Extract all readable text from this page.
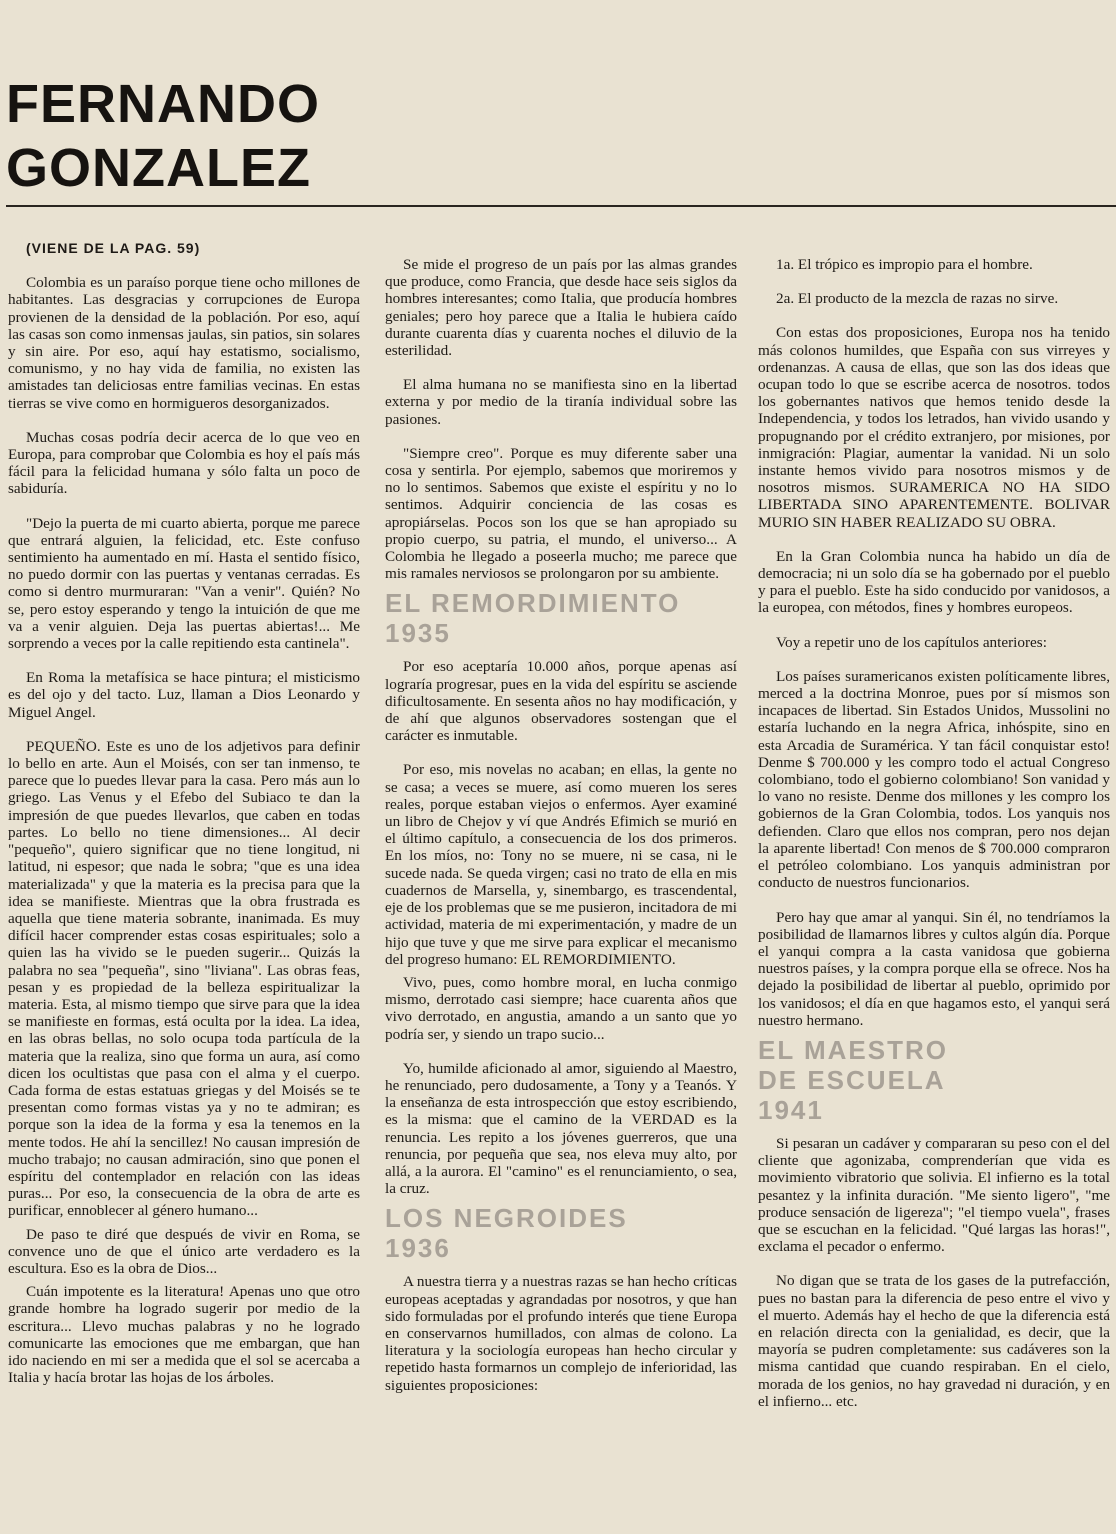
FERNANDO
GONZALEZ

(VIENE DE LA PAG. 59)

Colombia es un paraíso porque tiene ocho millones de habitantes. Las desgracias y corrupciones de Europa provienen de la densidad de la población. Por eso, aquí las casas son como inmensas jaulas, sin patios, sin solares y sin aire. Por eso, aquí hay estatismo, socialismo, comunismo, y no hay vida de familia, no existen las amistades tan deliciosas entre familias vecinas. En estas tierras se vive como en hormigueros desorganizados.

Muchas cosas podría decir acerca de lo que veo en Europa, para comprobar que Colombia es hoy el país más fácil para la felicidad humana y sólo falta un poco de sabiduría.

"Dejo la puerta de mi cuarto abierta, porque me parece que entrará alguien, la felicidad, etc. Este confuso sentimiento ha aumentado en mí. Hasta el sentido físico, no puedo dormir con las puertas y ventanas cerradas. Es como si dentro murmuraran: "Van a venir". Quién? No se, pero estoy esperando y tengo la intuición de que me va a venir alguien. Deja las puertas abiertas!... Me sorprendo a veces por la calle repitiendo esta cantinela".

En Roma la metafísica se hace pintura; el misticismo es del ojo y del tacto. Luz, llaman a Dios Leonardo y Miguel Angel.

PEQUEÑO. Este es uno de los adjetivos para definir lo bello en arte. Aun el Moisés, con ser tan inmenso, te parece que lo puedes llevar para la casa. Pero más aun lo griego. Las Venus y el Efebo del Subiaco te dan la impresión de que puedes llevarlos, que caben en todas partes. Lo bello no tiene dimensiones... Al decir "pequeño", quiero significar que no tiene longitud, ni latitud, ni espesor; que nada le sobra; "que es una idea materializada" y que la materia es la precisa para que la idea se manifieste. Mientras que la obra frustrada es aquella que tiene materia sobrante, inanimada. Es muy difícil hacer comprender estas cosas espirituales; solo a quien las ha vivido se le pueden sugerir... Quizás la palabra no sea "pequeña", sino "liviana". Las obras feas, pesan y es propiedad de la belleza espiritualizar la materia. Esta, al mismo tiempo que sirve para que la idea se manifieste en formas, está oculta por la idea. La idea, en las obras bellas, no solo ocupa toda partícula de la materia que la realiza, sino que forma un aura, así como dicen los ocultistas que pasa con el alma y el cuerpo. Cada forma de estas estatuas griegas y del Moisés se te presentan como formas vistas ya y no te admiran; es porque son la idea de la forma y esa la tenemos en la mente todos. He ahí la sencillez! No causan impresión de mucho trabajo; no causan admiración, sino que ponen el espíritu del contemplador en relación con las ideas puras... Por eso, la consecuencia de la obra de arte es purificar, ennoblecer al género humano...

De paso te diré que después de vivir en Roma, se convence uno de que el único arte verdadero es la escultura. Eso es la obra de Dios...

Cuán impotente es la literatura! Apenas uno que otro grande hombre ha logrado sugerir por medio de la escritura... Llevo muchas palabras y no he logrado comunicarte las emociones que me embargan, que han ido naciendo en mi ser a medida que el sol se acercaba a Italia y hacía brotar las hojas de los árboles.

Se mide el progreso de un país por las almas grandes que produce, como Francia, que desde hace seis siglos da hombres interesantes; como Italia, que producía hombres geniales; pero hoy parece que a Italia le hubiera caído durante cuarenta días y cuarenta noches el diluvio de la esterilidad.

El alma humana no se manifiesta sino en la libertad externa y por medio de la tiranía individual sobre las pasiones.

"Siempre creo". Porque es muy diferente saber una cosa y sentirla. Por ejemplo, sabemos que moriremos y no lo sentimos. Sabemos que existe el espíritu y no lo sentimos. Adquirir conciencia de las cosas es apropiárselas. Pocos son los que se han apropiado su propio cuerpo, su patria, el mundo, el universo... A Colombia he llegado a poseerla mucho; me parece que mis ramales nerviosos se prolongaron por su ambiente.

EL REMORDIMIENTO
1935

Por eso aceptaría 10.000 años, porque apenas así lograría progresar, pues en la vida del espíritu se asciende dificultosamente. En sesenta años no hay modificación, y de ahí que algunos observadores sostengan que el carácter es inmutable.

Por eso, mis novelas no acaban; en ellas, la gente no se casa; a veces se muere, así como mueren los seres reales, porque estaban viejos o enfermos. Ayer examiné un libro de Chejov y ví que Andrés Efimich se murió en el último capítulo, a consecuencia de los dos primeros. En los míos, no: Tony no se muere, ni se casa, ni le sucede nada. Se queda virgen; casi no trato de ella en mis cuadernos de Marsella, y, sinembargo, es trascendental, eje de los problemas que se me pusieron, incitadora de mi actividad, materia de mi experimentación, y madre de un hijo que tuve y que me sirve para explicar el mecanismo del progreso humano: EL REMORDIMIENTO.

Vivo, pues, como hombre moral, en lucha conmigo mismo, derrotado casi siempre; hace cuarenta años que vivo derrotado, en angustia, amando a un santo que yo podría ser, y siendo un trapo sucio...

Yo, humilde aficionado al amor, siguiendo al Maestro, he renunciado, pero dudosamente, a Tony y a Teanós. Y la enseñanza de esta introspección que estoy escribiendo, es la misma: que el camino de la VERDAD es la renuncia. Les repito a los jóvenes guerreros, que una renuncia, por pequeña que sea, nos eleva muy alto, por allá, a la aurora. El "camino" es el renunciamiento, o sea, la cruz.

LOS NEGROIDES
1936

A nuestra tierra y a nuestras razas se han hecho críticas europeas aceptadas y agrandadas por nosotros, y que han sido formuladas por el profundo interés que tiene Europa en conservarnos humillados, con almas de colono. La literatura y la sociología europeas han hecho circular y repetido hasta formarnos un complejo de inferioridad, las siguientes proposiciones:

1a. El trópico es impropio para el hombre.

2a. El producto de la mezcla de razas no sirve.

Con estas dos proposiciones, Europa nos ha tenido más colonos humildes, que España con sus virreyes y ordenanzas. A causa de ellas, que son las dos ideas que ocupan todo lo que se escribe acerca de nosotros. todos los gobernantes nativos que hemos tenido desde la Independencia, y todos los letrados, han vivido usando y propugnando por el crédito extranjero, por misiones, por inmigración: Plagiar, aumentar la vanidad. Ni un solo instante hemos vivido para nosotros mismos y de nosotros mismos. SURAMERICA NO HA SIDO LIBERTADA SINO APARENTEMENTE. BOLIVAR MURIO SIN HABER REALIZADO SU OBRA.

En la Gran Colombia nunca ha habido un día de democracia; ni un solo día se ha gobernado por el pueblo y para el pueblo. Este ha sido conducido por vanidosos, a la europea, con métodos, fines y hombres europeos.

Voy a repetir uno de los capítulos anteriores:

Los países suramericanos existen políticamente libres, merced a la doctrina Monroe, pues por sí mismos son incapaces de libertad. Sin Estados Unidos, Mussolini no estaría luchando en la negra Africa, inhóspite, sino en esta Arcadia de Suramérica. Y tan fácil conquistar esto! Denme $ 700.000 y les compro todo el actual Congreso colombiano, todo el gobierno colombiano! Son vanidad y lo vano no resiste. Denme dos millones y les compro los gobiernos de la Gran Colombia, todos. Los yanquis nos defienden. Claro que ellos nos compran, pero nos dejan la aparente libertad! Con menos de $ 700.000 compraron el petróleo colombiano. Los yanquis administran por conducto de nuestros funcionarios.

Pero hay que amar al yanqui. Sin él, no tendríamos la posibilidad de llamarnos libres y cultos algún día. Porque el yanqui compra a la casta vanidosa que gobierna nuestros países, y la compra porque ella se ofrece. Nos ha dejado la posibilidad de libertar al pueblo, oprimido por los vanidosos; el día en que hagamos esto, el yanqui será nuestro hermano.

EL MAESTRO
DE ESCUELA
1941

Si pesaran un cadáver y compararan su peso con el del cliente que agonizaba, comprenderían que vida es movimiento vibratorio que solivia. El infierno es la total pesantez y la infinita duración. "Me siento ligero", "me produce sensación de ligereza"; "el tiempo vuela", frases que se escuchan en la felicidad. "Qué largas las horas!", exclama el pecador o enfermo.

No digan que se trata de los gases de la putrefacción, pues no bastan para la diferencia de peso entre el vivo y el muerto. Además hay el hecho de que la diferencia está en relación directa con la genialidad, es decir, que la mayoría se pudren completamente: sus cadáveres son la misma cantidad que cuando respiraban. En el cielo, morada de los genios, no hay gravedad ni duración, y en el infierno... etc.
